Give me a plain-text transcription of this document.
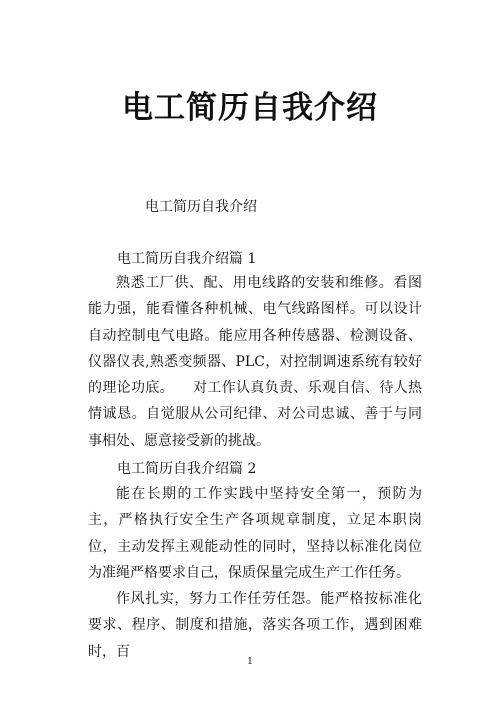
电工简历自我介绍

电工简历自我介绍

电工简历自我介绍篇 1

熟悉工厂供、配、用电线路的安装和维修。看图能力强，能看懂各种机械、电气线路图样。可以设计自动控制电气电路。能应用各种传感器、检测设备、仪器仪表,熟悉变频器、PLC，对控制调速系统有较好的理论功底。    对工作认真负责、乐观自信、待人热情诚恳。自觉服从公司纪律、对公司忠诚、善于与同事相处、愿意接受新的挑战。

电工简历自我介绍篇 2

能在长期的工作实践中坚持安全第一，预防为主，严格执行安全生产各项规章制度，立足本职岗位，主动发挥主观能动性的同时，坚持以标准化岗位为准绳严格要求自己，保质保量完成生产工作任务。

作风扎实，努力工作任劳任怨。能严格按标准化要求、程序、制度和措施，落实各项工作，遇到困难时，百

1
